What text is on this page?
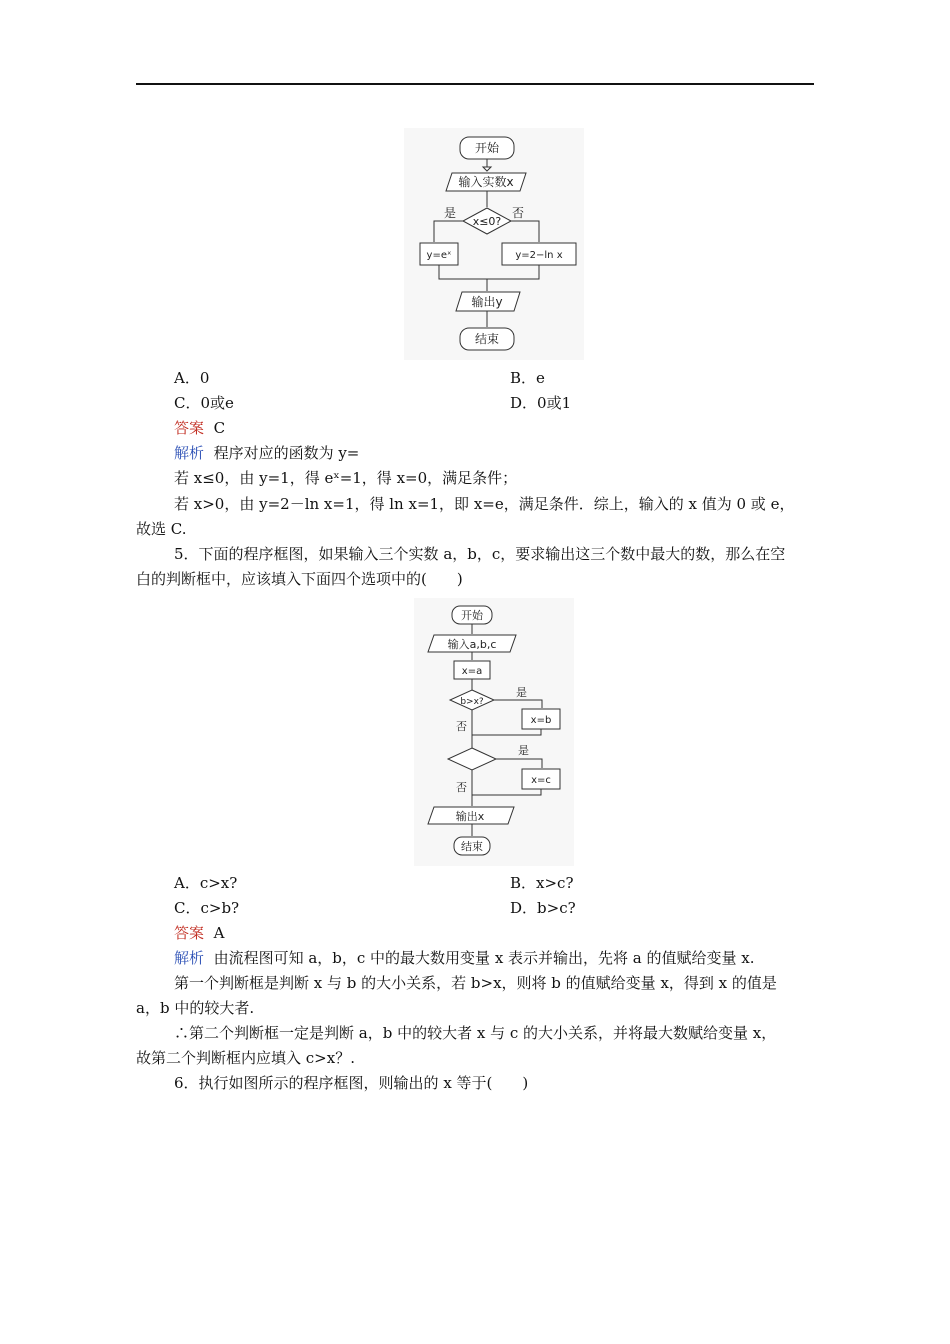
开始
输入实数x
x≤0?
是	否
y=eˣ	y=2−ln x
输出y
结束
A．0	B．e
C．0或e	D．0或1
答案 C
解析 程序对应的函数为 y=
若 x≤0，由 y=1，得 eˣ=1，得 x=0，满足条件；
若 x>0，由 y=2－ln x=1，得 ln x=1，即 x=e，满足条件．综上，输入的 x 值为 0 或 e，
故选 C.
5．下面的程序框图，如果输入三个实数 a，b，c，要求输出这三个数中最大的数，那么在空
白的判断框中，应该填入下面四个选项中的(　　)
开始
输入a,b,c
x=a
b>x?
是
x=b
否
是
x=c
否
输出x
结束
A．c>x?	B．x>c?
C．c>b?	D．b>c?
答案 A
解析 由流程图可知 a，b，c 中的最大数用变量 x 表示并输出，先将 a 的值赋给变量 x.
第一个判断框是判断 x 与 b 的大小关系，若 b>x，则将 b 的值赋给变量 x，得到 x 的值是
a，b 中的较大者.
∴第二个判断框一定是判断 a，b 中的较大者 x 与 c 的大小关系，并将最大数赋给变量 x，
故第二个判断框内应填入 c>x？.
6．执行如图所示的程序框图，则输出的 x 等于(　　)
